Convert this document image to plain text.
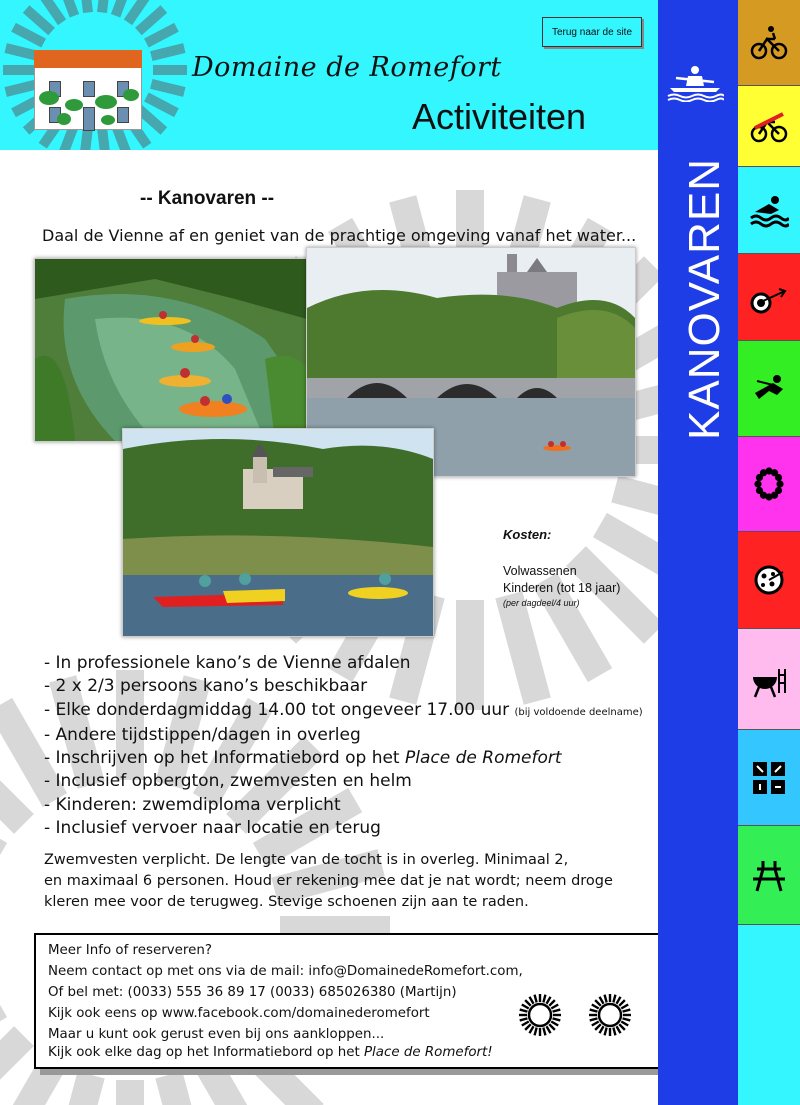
Domaine de Romefort
Activiteiten
Terug naar de site
-- Kanovaren --
Daal de Vienne af en geniet van de prachtige omgeving vanaf het water...
Kosten:
Volwassenen
Kinderen (tot 18 jaar)
(per dagdeel/4 uur)
- In professionele kano’s de Vienne afdalen
- 2 x 2/3 persoons kano’s beschikbaar
- Elke donderdagmiddag 14.00 tot ongeveer 17.00 uur (bij voldoende deelname)
- Andere tijdstippen/dagen in overleg
- Inschrijven op het Informatiebord op het Place de Romefort
- Inclusief opbergton, zwemvesten en helm
- Kinderen: zwemdiploma verplicht
- Inclusief vervoer naar locatie en terug
Zwemvesten verplicht. De lengte van de tocht is in overleg. Minimaal 2,
en maximaal 6 personen. Houd er rekening mee dat je nat wordt; neem droge
kleren mee voor de terugweg. Stevige schoenen zijn aan te raden.
Meer Info of reserveren?
Neem contact op met ons via de mail: info@DomainedeRomefort.com,
Of bel met: (0033) 555 36 89 17 (0033) 685026380 (Martijn)
Kijk ook eens op www.facebook.com/domainederomefort
Maar u kunt ook gerust even bij ons aankloppen...
Kijk ook elke dag op het Informatiebord op het Place de Romefort!
KANOVAREN
